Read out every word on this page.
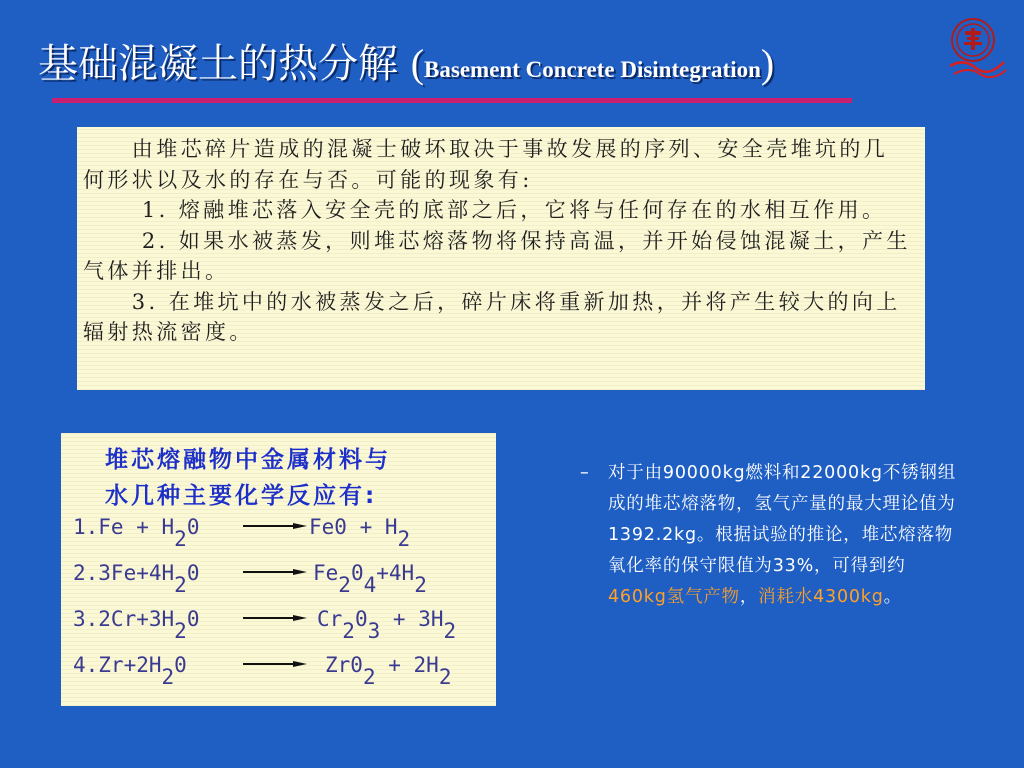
基础混凝土的热分解 (Basement Concrete Disintegration)

　　由堆芯碎片造成的混凝士破坏取决于事故发展的序列、安全壳堆坑的几何形状以及水的存在与否。可能的现象有:

　　 1. 熔融堆芯落入安全壳的底部之后，它将与任何存在的水相互作用。

　　 2. 如果水被蒸发，则堆芯熔落物将保持高温，并开始侵蚀混凝土，产生气体并排出。

　　3. 在堆坑中的水被蒸发之后，碎片床将重新加热，并将产生较大的向上辐射热流密度。

堆芯熔融物中金属材料与
水几种主要化学反应有:
$1.Fe + H_20 \to Fe0 + H_2$
$2.3Fe+4H_20 \to Fe_20_4+4H_2$
$3.2Cr+3H_20 \to Cr_20_3 + 3H_2$
$4.Zr+2H_20$	→ $Zr0_2 + 2H_2$
– 对于由90000kg燃料和22000kg不锈钢组成的堆芯熔落物，氢气产量的最大理论值为1392.2kg。根据试验的推论，堆芯熔落物氧化率的保守限值为33%，可得到约460kg氢气产物，消耗水4300kg。
